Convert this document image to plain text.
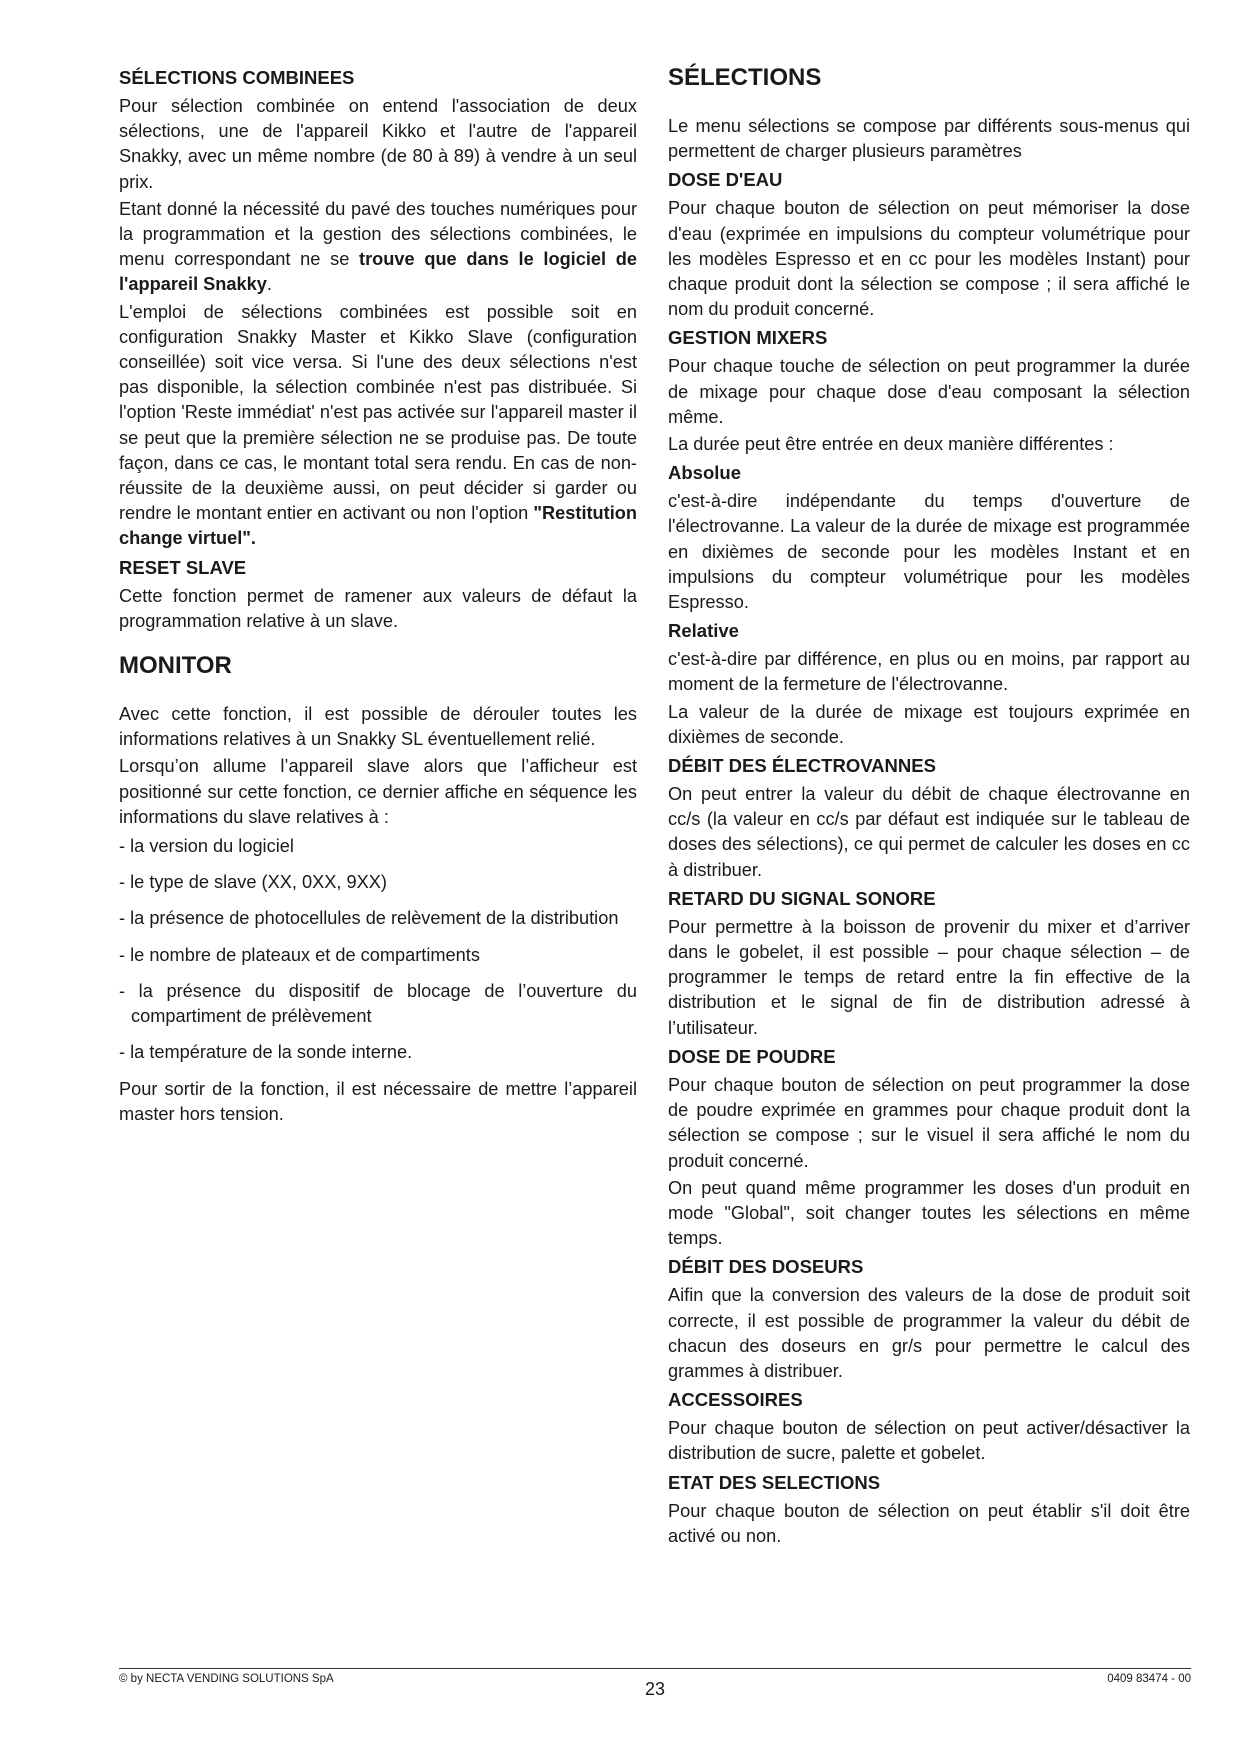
SÉLECTIONS COMBINEES

Pour sélection combinée on entend l'association de deux sélections, une de l'appareil Kikko et l'autre de l'appareil Snakky, avec un même nombre (de 80 à 89) à vendre à un seul prix.

Etant donné la nécessité du pavé des touches numériques pour la programmation et la gestion des sélections combinées, le menu correspondant ne se trouve que dans le logiciel de l'appareil Snakky.

L'emploi de sélections combinées est possible soit en configuration Snakky Master et Kikko Slave (configuration conseillée) soit vice versa. Si l'une des deux sélections n'est pas disponible, la sélection combinée n'est pas distribuée. Si l'option 'Reste immédiat' n'est pas activée sur l'appareil master il se peut que la première sélection ne se produise pas. De toute façon, dans ce cas, le montant total sera rendu. En cas de non-réussite de la deuxième aussi, on peut décider si garder ou rendre le montant entier en activant ou non l'option "Restitution change virtuel".

RESET SLAVE

Cette fonction permet de ramener aux valeurs de défaut la programmation relative à un slave.

MONITOR

Avec cette fonction, il est possible de dérouler toutes les informations relatives à un Snakky SL éventuellement relié.

Lorsqu’on allume l’appareil slave alors que l’afficheur est positionné sur cette fonction, ce dernier affiche en séquence les informations du slave relatives à :

- la version du logiciel
- le type de slave (XX, 0XX, 9XX)
- la présence de photocellules de relèvement de la distribution
- le nombre de plateaux et de compartiments
- la présence du dispositif de blocage de l’ouverture du compartiment de prélèvement
- la température de la sonde interne.

Pour sortir de la fonction, il est nécessaire de mettre l’appareil master hors tension.

SÉLECTIONS

Le menu sélections se compose par différents sous-menus qui permettent de charger plusieurs paramètres

DOSE D'EAU

Pour chaque bouton de sélection on peut mémoriser la dose d'eau (exprimée en impulsions du compteur volumétrique pour les modèles Espresso et en cc pour les modèles Instant) pour chaque produit dont la sélection se compose ; il sera affiché le nom du produit concerné.

GESTION MIXERS

Pour chaque touche de sélection on peut programmer la durée de mixage pour chaque dose d'eau composant la sélection même.

La durée peut être entrée en deux manière différentes :

Absolue

c'est-à-dire indépendante du temps d'ouverture de l'électrovanne. La valeur de la durée de mixage est programmée en dixièmes de seconde pour les modèles Instant et en impulsions du compteur volumétrique pour les modèles Espresso.

Relative

c'est-à-dire par différence, en plus ou en moins, par rapport au moment de la fermeture de l'électrovanne.

La valeur de la durée de mixage est toujours exprimée en dixièmes de seconde.

DÉBIT DES ÉLECTROVANNES

On peut entrer la valeur du débit de chaque électrovanne en cc/s (la valeur en cc/s par défaut est indiquée sur le tableau de doses des sélections), ce qui permet de calculer les doses en cc à distribuer.

RETARD DU SIGNAL SONORE

Pour permettre à la boisson de provenir du mixer et d’arriver dans le gobelet, il est possible – pour chaque sélection – de programmer le temps de retard entre la fin effective de la distribution et le signal de fin de distribution adressé à l’utilisateur.

DOSE DE POUDRE

Pour chaque bouton de sélection on peut programmer la dose de poudre exprimée en grammes pour chaque produit dont la sélection se compose ; sur le visuel il sera affiché le nom du produit concerné.

On peut quand même programmer les doses d'un produit en mode "Global", soit changer toutes les sélections en même temps.

DÉBIT DES DOSEURS

Aifin que la conversion des valeurs de la dose de produit soit correcte, il est possible de programmer la valeur du débit de chacun des doseurs en gr/s pour permettre le calcul des grammes à distribuer.

ACCESSOIRES

Pour chaque bouton de sélection on peut activer/désactiver la distribution de sucre, palette et gobelet.

ETAT DES SELECTIONS

Pour chaque bouton de sélection on peut établir s'il doit être activé ou non.

© by NECTA VENDING SOLUTIONS SpA	23	0409 83474 - 00
